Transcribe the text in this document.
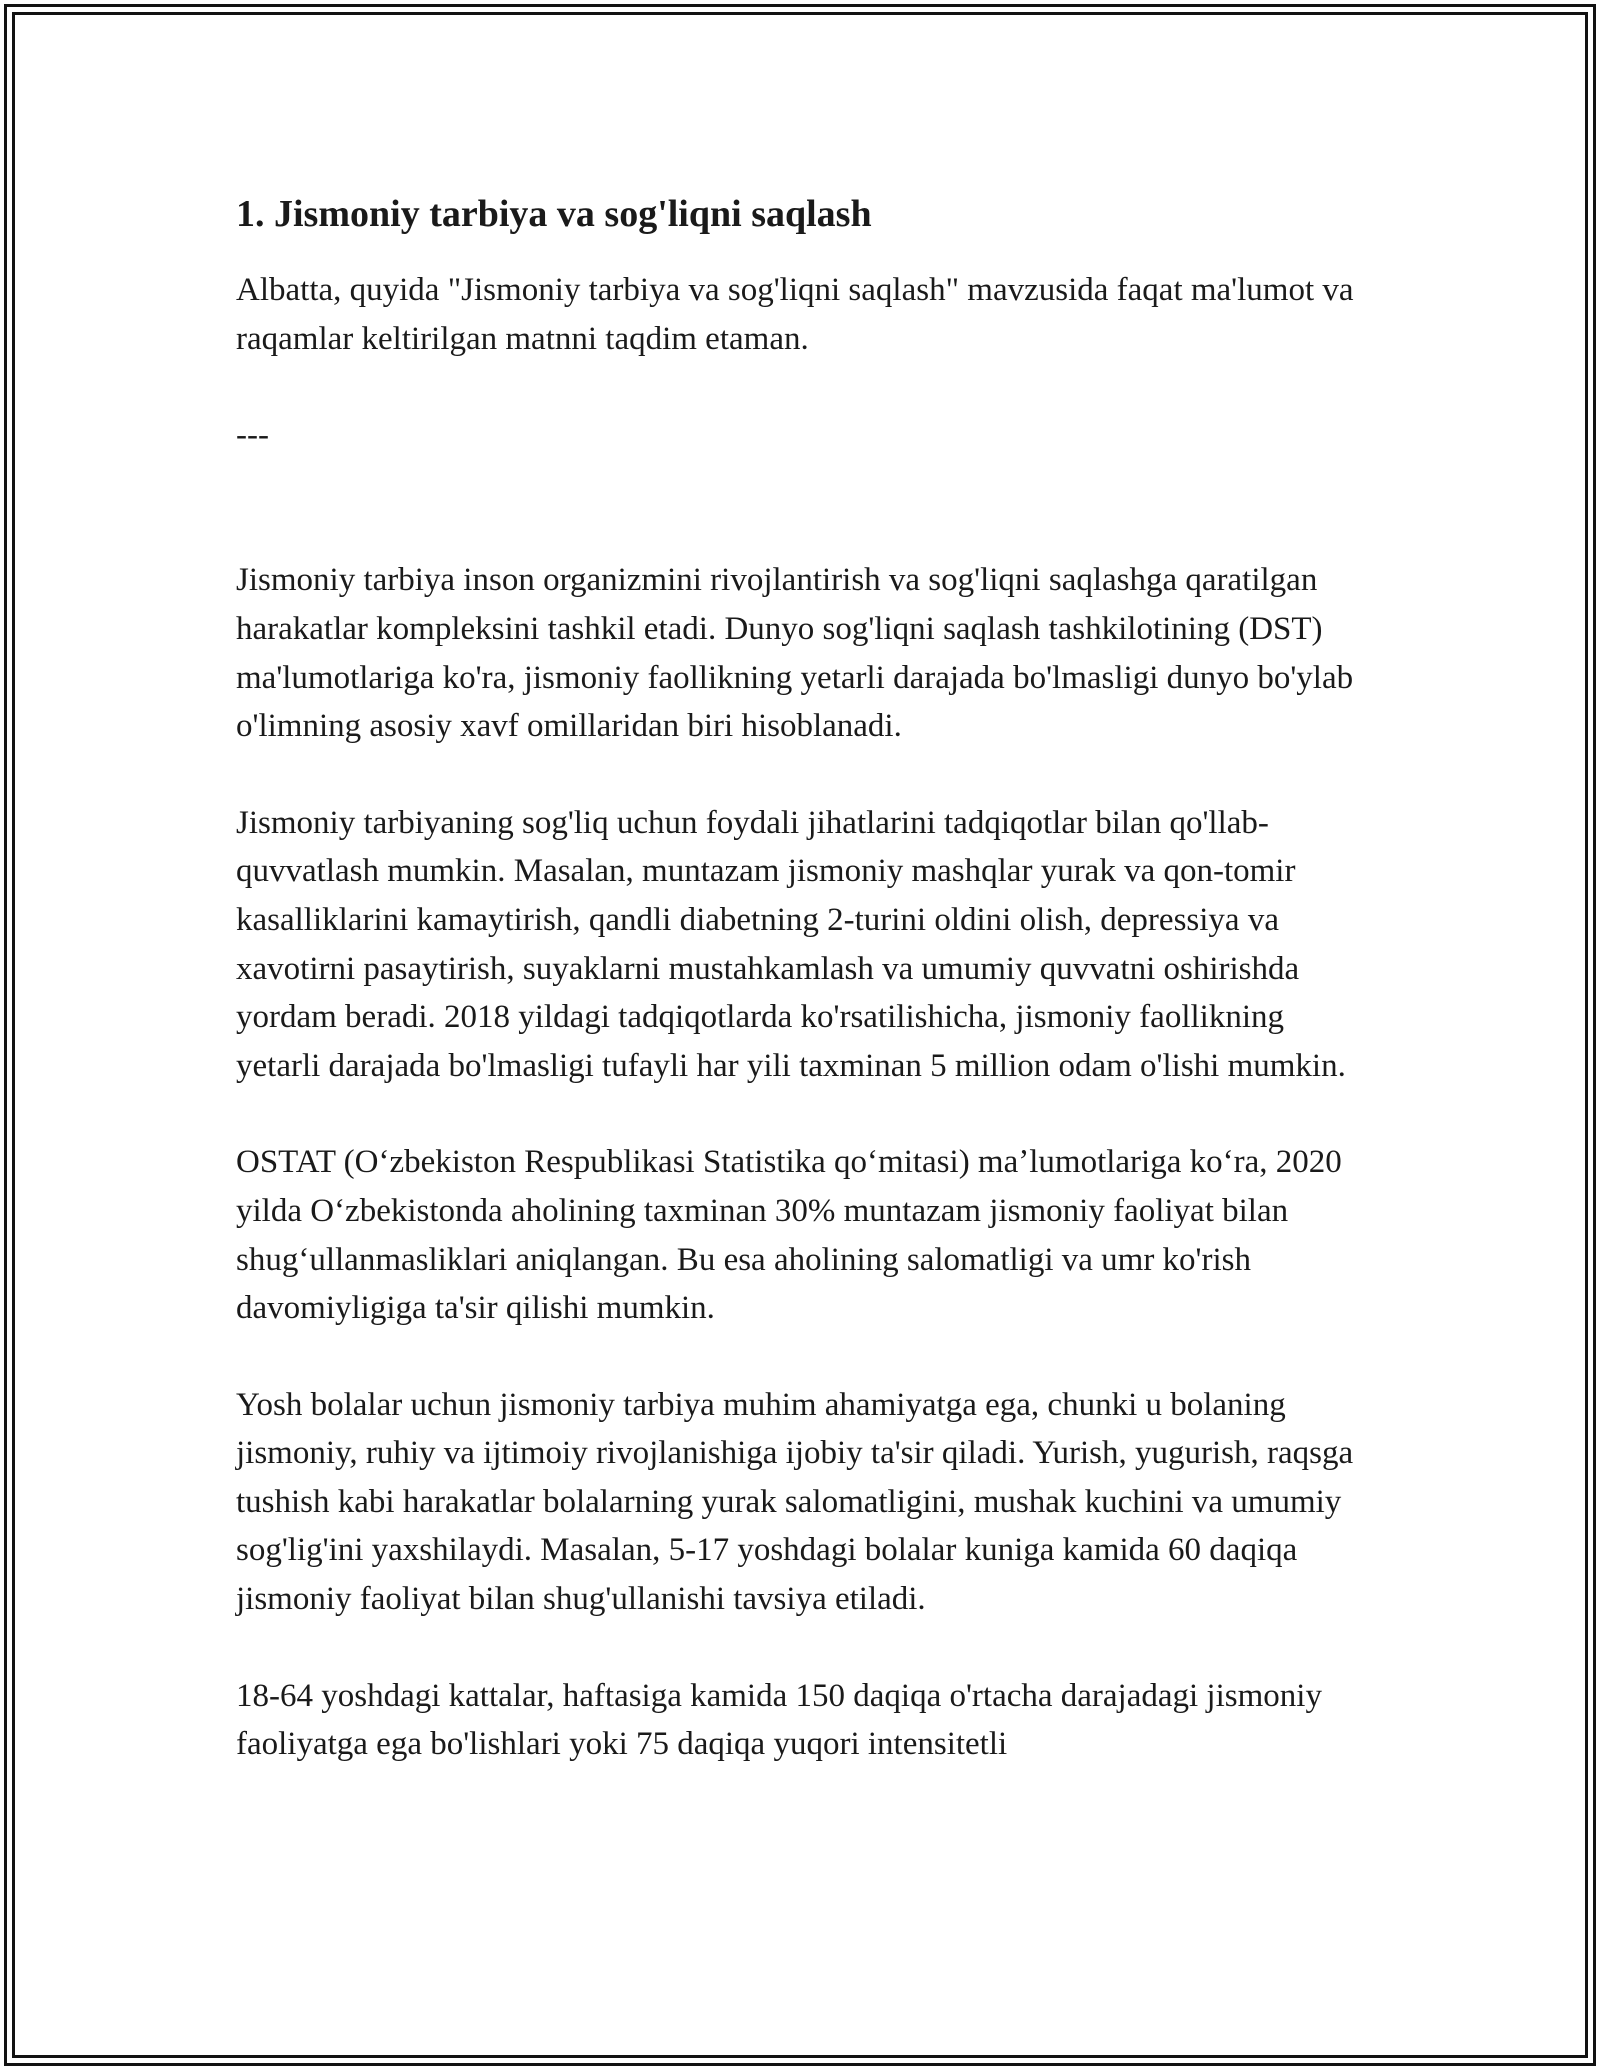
1. Jismoniy tarbiya va sog'liqni saqlash

Albatta, quyida "Jismoniy tarbiya va sog'liqni saqlash" mavzusida faqat ma'lumot va raqamlar keltirilgan matnni taqdim etaman.

---

Jismoniy tarbiya inson organizmini rivojlantirish va sog'liqni saqlashga qaratilgan harakatlar kompleksini tashkil etadi. Dunyo sog'liqni saqlash tashkilotining (DST) ma'lumotlariga ko'ra, jismoniy faollikning yetarli darajada bo'lmasligi dunyo bo'ylab o'limning asosiy xavf omillaridan biri hisoblanadi.

Jismoniy tarbiyaning sog'liq uchun foydali jihatlarini tadqiqotlar bilan qo'llab-quvvatlash mumkin. Masalan, muntazam jismoniy mashqlar yurak va qon-tomir kasalliklarini kamaytirish, qandli diabetning 2-turini oldini olish, depressiya va xavotirni pasaytirish, suyaklarni mustahkamlash va umumiy quvvatni oshirishda yordam beradi. 2018 yildagi tadqiqotlarda ko'rsatilishicha, jismoniy faollikning yetarli darajada bo'lmasligi tufayli har yili taxminan 5 million odam o'lishi mumkin.

OSTAT (Oʻzbekiston Respublikasi Statistika qoʻmitasi) maʼlumotlariga koʻra, 2020 yilda Oʻzbekistonda aholining taxminan 30% muntazam jismoniy faoliyat bilan shugʻullanmasliklari aniqlangan. Bu esa aholining salomatligi va umr ko'rish davomiyligiga ta'sir qilishi mumkin.

Yosh bolalar uchun jismoniy tarbiya muhim ahamiyatga ega, chunki u bolaning jismoniy, ruhiy va ijtimoiy rivojlanishiga ijobiy ta'sir qiladi. Yurish, yugurish, raqsga tushish kabi harakatlar bolalarning yurak salomatligini, mushak kuchini va umumiy sog'lig'ini yaxshilaydi. Masalan, 5-17 yoshdagi bolalar kuniga kamida 60 daqiqa jismoniy faoliyat bilan shug'ullanishi tavsiya etiladi.

18-64 yoshdagi kattalar, haftasiga kamida 150 daqiqa o'rtacha darajadagi jismoniy faoliyatga ega bo'lishlari yoki 75 daqiqa yuqori intensitetli
